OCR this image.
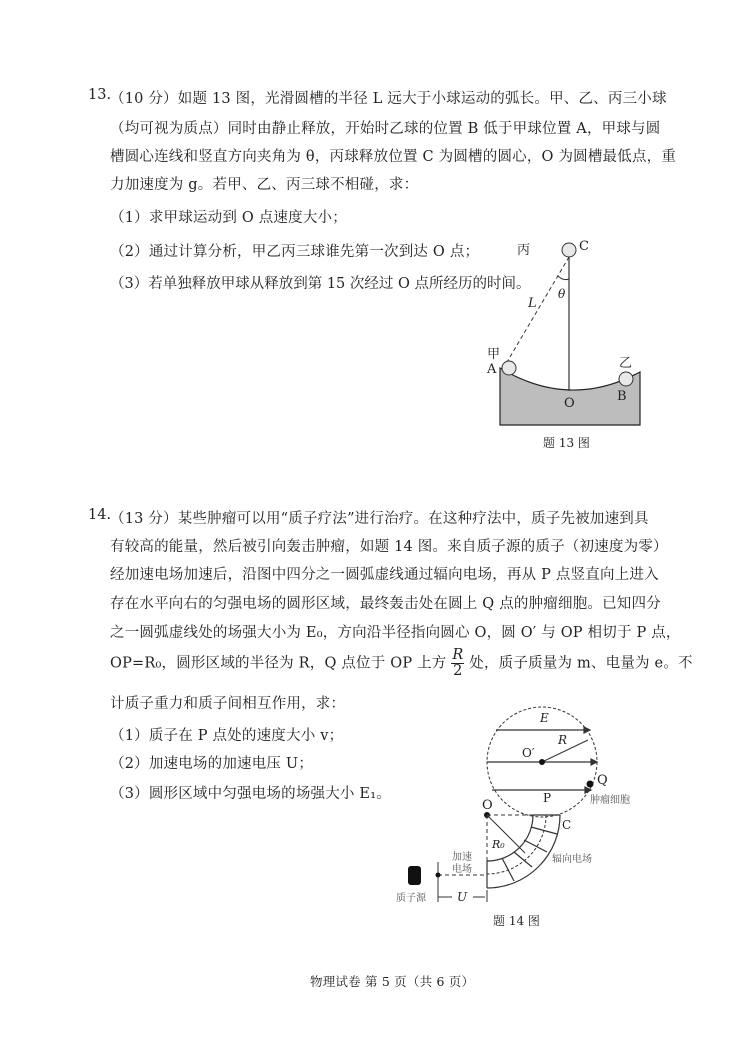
13.
（10 分）如题 13 图，光滑圆槽的半径 L 远大于小球运动的弧长。甲、乙、丙三小球
（均可视为质点）同时由静止释放，开始时乙球的位置 B 低于甲球位置 A，甲球与圆
槽圆心连线和竖直方向夹角为 θ，丙球释放位置 C 为圆槽的圆心，O 为圆槽最低点，重
力加速度为 g。若甲、乙、丙三球不相碰，求：
（1）求甲球运动到 O 点速度大小；
（2）通过计算分析，甲乙丙三球谁先第一次到达 O 点；
（3）若单独释放甲球从释放到第 15 次经过 O 点所经历的时间。
丙	C
L
θ
甲
A	乙
O	B
题 13 图
14.
（13 分）某些肿瘤可以用“质子疗法”进行治疗。在这种疗法中，质子先被加速到具
有较高的能量，然后被引向轰击肿瘤，如题 14 图。来自质子源的质子（初速度为零）
经加速电场加速后，沿图中四分之一圆弧虚线通过辐向电场，再从 P 点竖直向上进入
存在水平向右的匀强电场的圆形区域，最终轰击处在圆上 Q 点的肿瘤细胞。已知四分
之一圆弧虚线处的场强大小为 E₀，方向沿半径指向圆心 O，圆 O′ 与 OP 相切于 P 点，
OP=R₀，圆形区域的半径为 R，Q 点位于 OP 上方 $\frac{R}{2}$ 处，质子质量为 m、电量为 e。不
计质子重力和质子间相互作用，求：
（1）质子在 P 点处的速度大小 v；
（2）加速电场的加速电压 U；
（3）圆形区域中匀强电场的场强大小 E₁。
E
R
O′
Q
P	肿瘤细胞
O
C
R₀
加速
电场
辐向电场
质子源	U
题 14 图
物理试卷 第 5 页（共 6 页）
